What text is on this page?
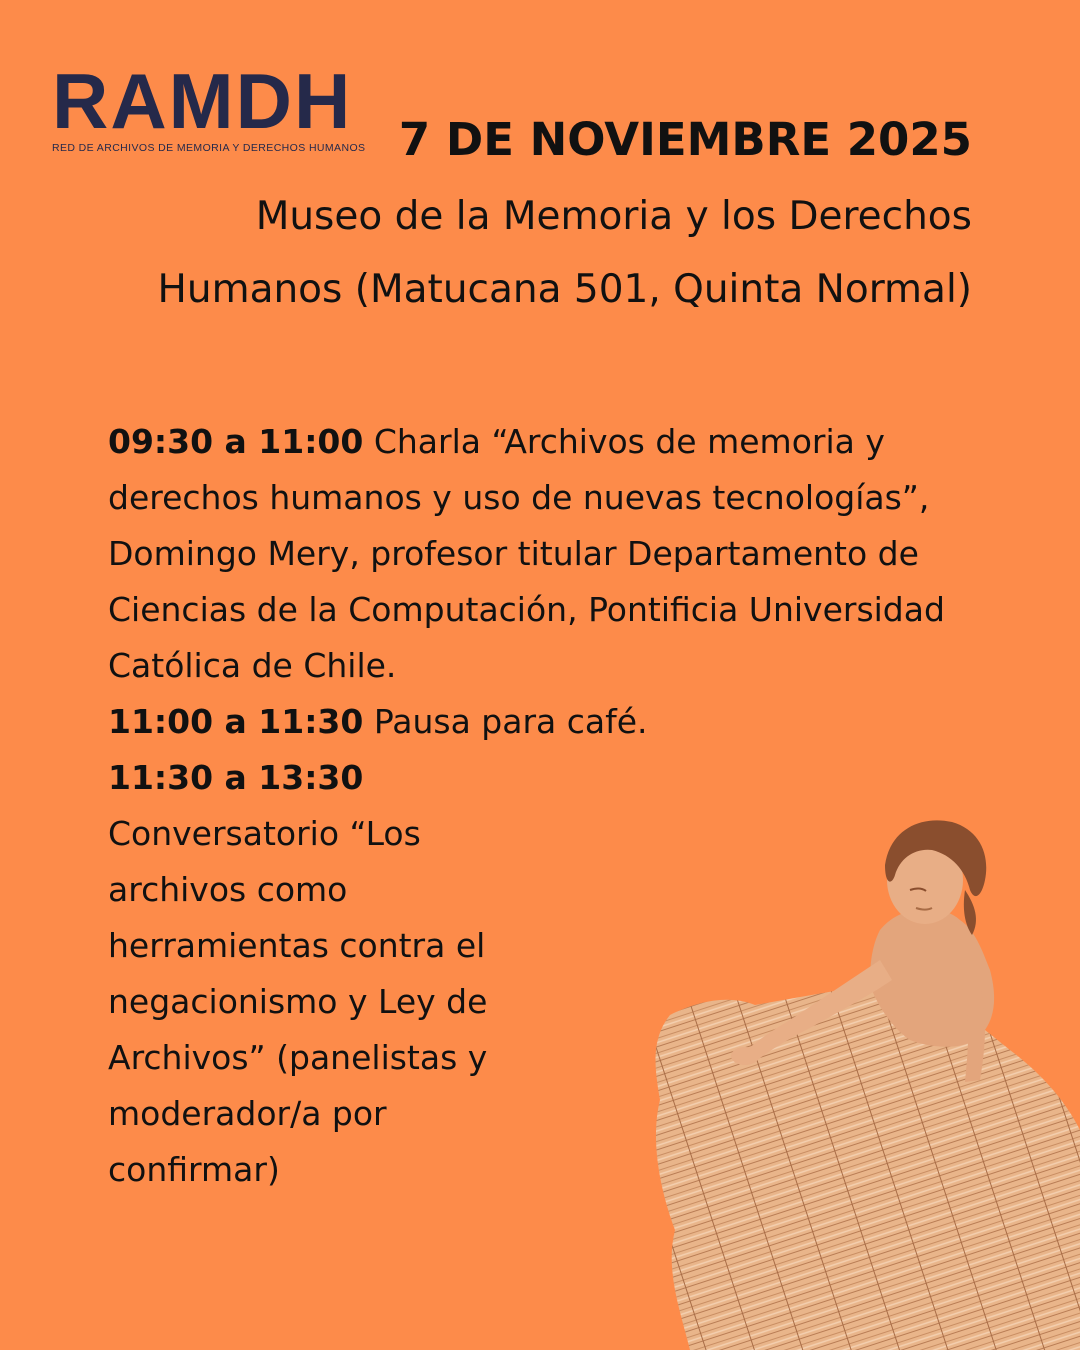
RAMDH
RED DE ARCHIVOS DE MEMORIA Y DERECHOS HUMANOS 7 DE NOVIEMBRE 2025
Museo de la Memoria y los Derechos Humanos (Matucana 501, Quinta Normal)

09:30 a 11:00 Charla “Archivos de memoria y derechos humanos y uso de nuevas tecnologías”, Domingo Mery, profesor titular Departamento de Ciencias de la Computación, Pontificia Universidad Católica de Chile.

11:00 a 11:30 Pausa para café.

11:30 a 13:30

Conversatorio “Los archivos como herramientas contra el negacionismo y Ley de Archivos” (panelistas y moderador/a por confirmar)
